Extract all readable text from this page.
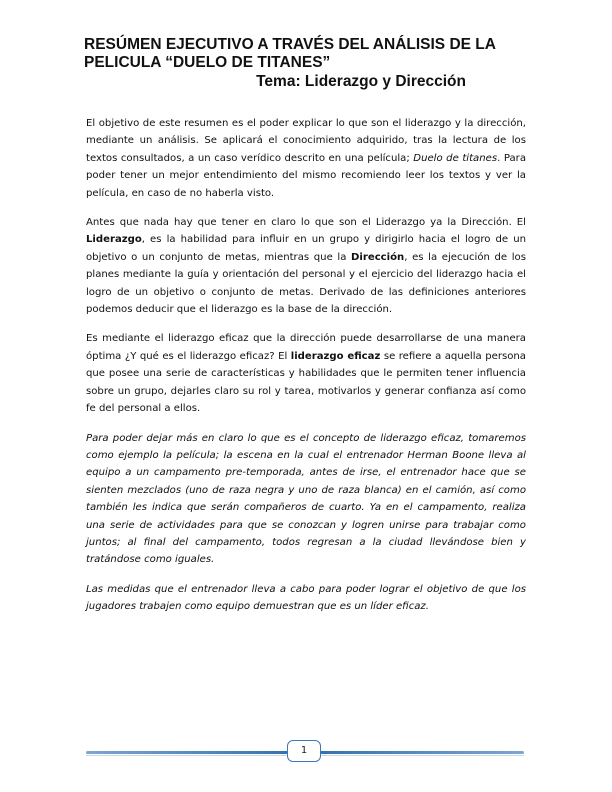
RESÚMEN EJECUTIVO A TRAVÉS DEL ANÁLISIS DE LA PELICULA “DUELO DE TITANES”
Tema: Liderazgo y Dirección

El objetivo de este resumen es el poder explicar lo que son el liderazgo y la dirección, mediante un análisis. Se aplicará el conocimiento adquirido, tras la lectura de los textos consultados, a un caso verídico descrito en una película; Duelo de titanes. Para poder tener un mejor entendimiento del mismo recomiendo leer los textos y ver la película, en caso de no haberla visto.

Antes que nada hay que tener en claro lo que son el Liderazgo ya la Dirección. El Liderazgo, es la habilidad para influir en un grupo y dirigirlo hacia el logro de un objetivo o un conjunto de metas, mientras que la Dirección, es la ejecución de los planes mediante la guía y orientación del personal y el ejercicio del liderazgo hacia el logro de un objetivo o conjunto de metas. Derivado de las definiciones anteriores podemos deducir que el liderazgo es la base de la dirección.

Es mediante el liderazgo eficaz que la dirección puede desarrollarse de una manera óptima ¿Y qué es el liderazgo eficaz? El liderazgo eficaz se refiere a aquella persona que posee una serie de características y habilidades que le permiten tener influencia sobre un grupo, dejarles claro su rol y tarea, motivarlos y generar confianza así como fe del personal a ellos.

Para poder dejar más en claro lo que es el concepto de liderazgo eficaz, tomaremos como ejemplo la película; la escena en la cual el entrenador Herman Boone lleva al equipo a un campamento pre-temporada, antes de irse, el entrenador hace que se sienten mezclados (uno de raza negra y uno de raza blanca) en el camión, así como también les indica que serán compañeros de cuarto. Ya en el campamento, realiza una serie de actividades para que se conozcan y logren unirse para trabajar como juntos; al final del campamento, todos regresan a la ciudad llevándose bien y tratándose como iguales.

Las medidas que el entrenador lleva a cabo para poder lograr el objetivo de que los jugadores trabajen como equipo demuestran que es un líder eficaz.

1
